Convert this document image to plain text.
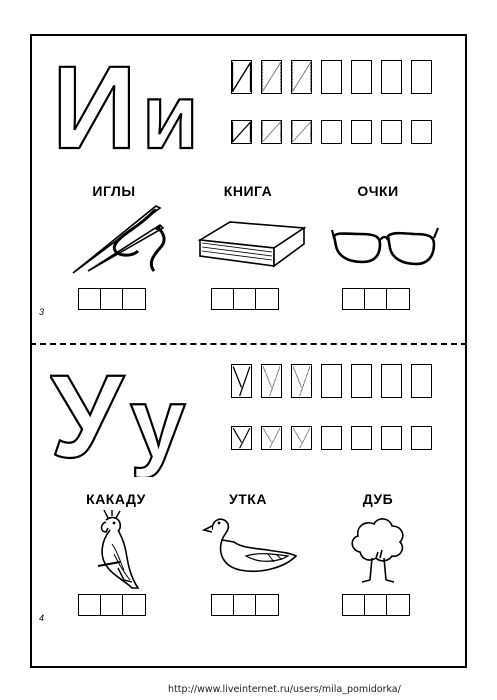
И и
ИГЛЫ	КНИГА	ОЧКИ
3
У у
КАКАДУ	УТКА	ДУБ
4
http://www.liveinternet.ru/users/mila_pomidorka/
